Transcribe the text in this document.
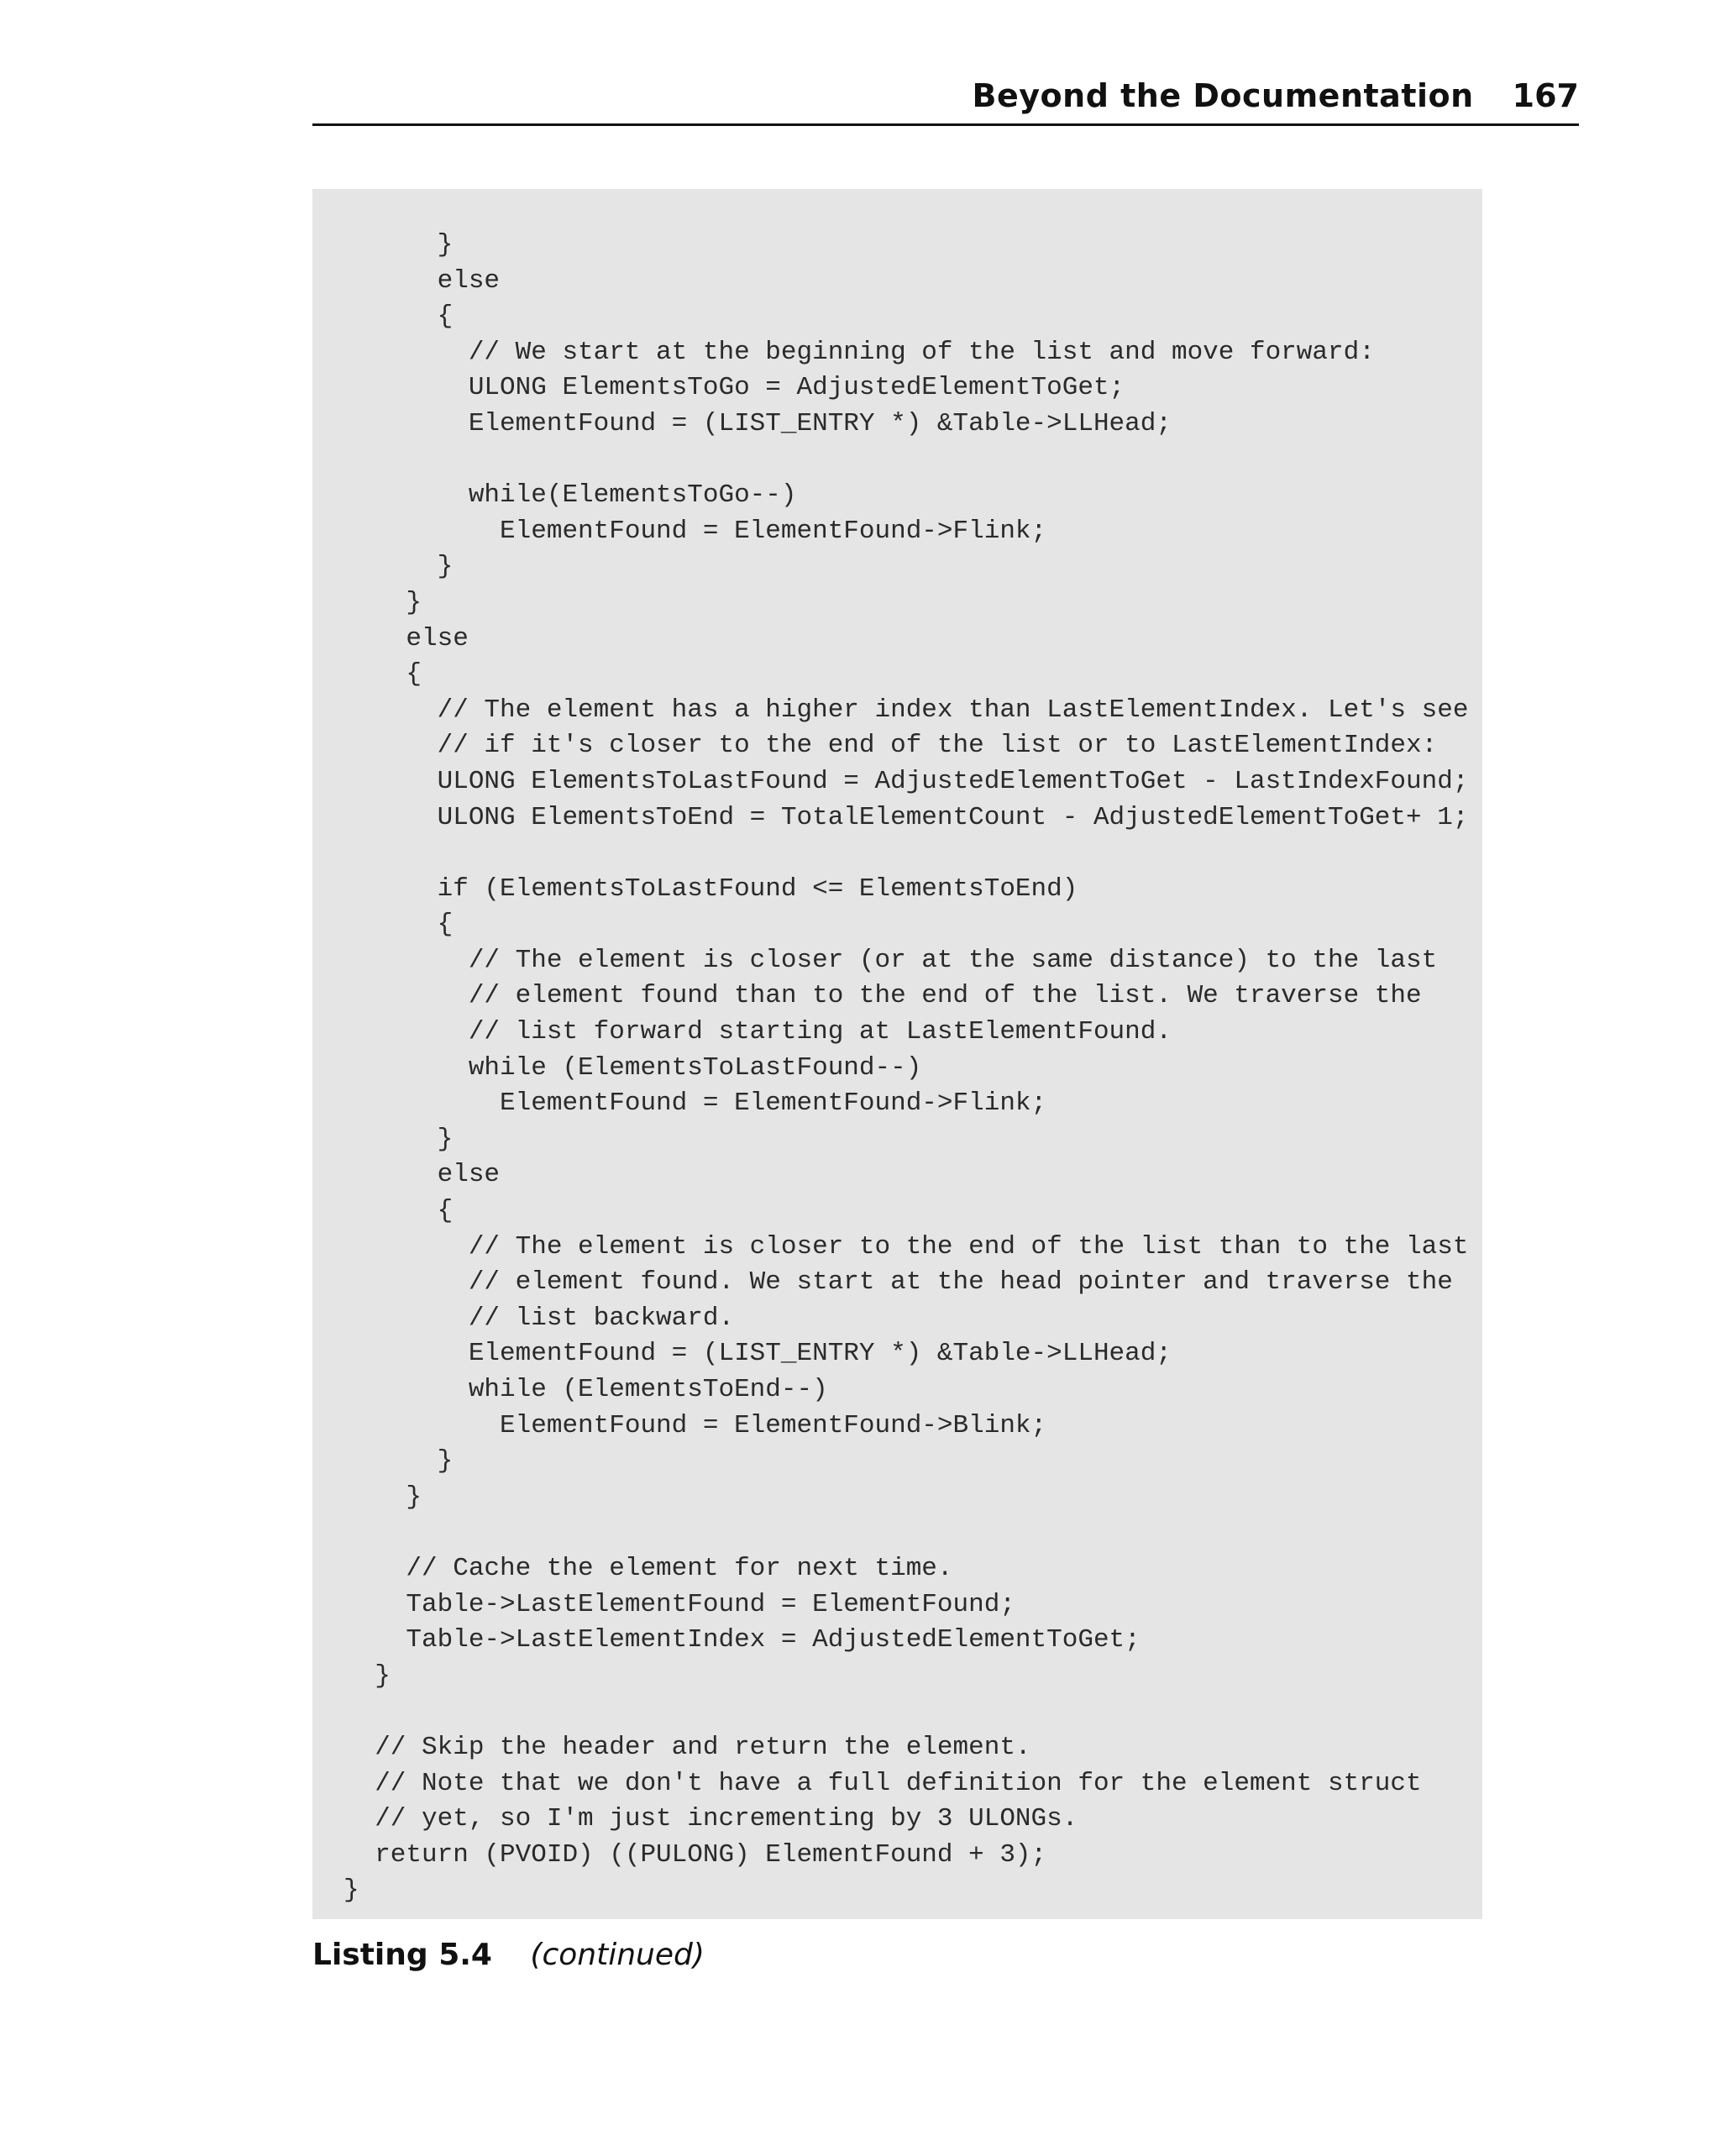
Beyond the Documentation 167
}
else
{
// We start at the beginning of the list and move forward:
ULONG ElementsToGo = AdjustedElementToGet;
ElementFound = (LIST_ENTRY *) &Table->LLHead;
while(ElementsToGo--)
ElementFound = ElementFound->Flink;
}
}
else
{
// The element has a higher index than LastElementIndex. Let's see
// if it's closer to the end of the list or to LastElementIndex:
ULONG ElementsToLastFound = AdjustedElementToGet - LastIndexFound;
ULONG ElementsToEnd = TotalElementCount - AdjustedElementToGet+ 1;
if (ElementsToLastFound <= ElementsToEnd)
{
// The element is closer (or at the same distance) to the last
// element found than to the end of the list. We traverse the
// list forward starting at LastElementFound.
while (ElementsToLastFound--)
ElementFound = ElementFound->Flink;
}
else
{
// The element is closer to the end of the list than to the last
// element found. We start at the head pointer and traverse the
// list backward.
ElementFound = (LIST_ENTRY *) &Table->LLHead;
while (ElementsToEnd--)
ElementFound = ElementFound->Blink;
}
}
// Cache the element for next time.
Table->LastElementFound = ElementFound;
Table->LastElementIndex = AdjustedElementToGet;
}
// Skip the header and return the element.
// Note that we don't have a full definition for the element struct
// yet, so I'm just incrementing by 3 ULONGs.
return (PVOID) ((PULONG) ElementFound + 3);
}
Listing 5.4 (continued)
